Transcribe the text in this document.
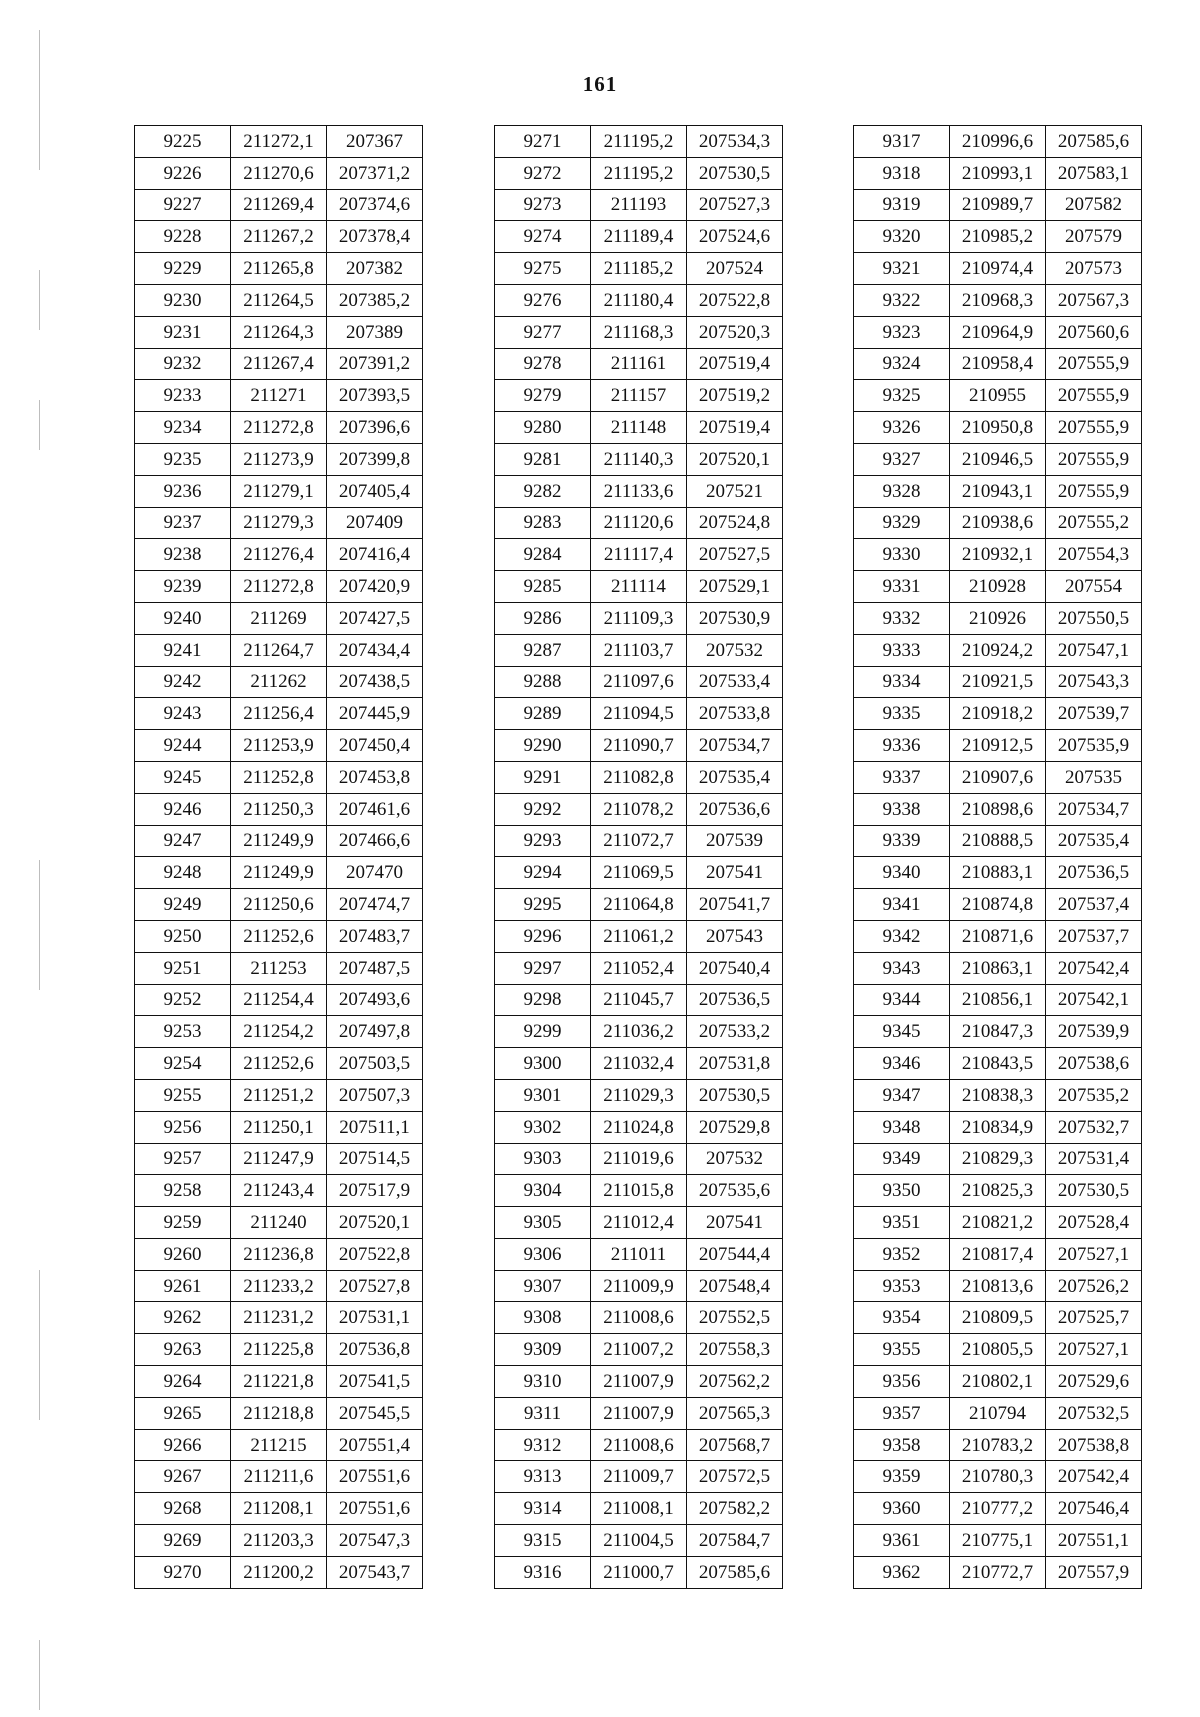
161
9225	211272,1	207367
9226	211270,6	207371,2
9227	211269,4	207374,6
9228	211267,2	207378,4
9229	211265,8	207382
9230	211264,5	207385,2
9231	211264,3	207389
9232	211267,4	207391,2
9233	211271	207393,5
9234	211272,8	207396,6
9235	211273,9	207399,8
9236	211279,1	207405,4
9237	211279,3	207409
9238	211276,4	207416,4
9239	211272,8	207420,9
9240	211269	207427,5
9241	211264,7	207434,4
9242	211262	207438,5
9243	211256,4	207445,9
9244	211253,9	207450,4
9245	211252,8	207453,8
9246	211250,3	207461,6
9247	211249,9	207466,6
9248	211249,9	207470
9249	211250,6	207474,7
9250	211252,6	207483,7
9251	211253	207487,5
9252	211254,4	207493,6
9253	211254,2	207497,8
9254	211252,6	207503,5
9255	211251,2	207507,3
9256	211250,1	207511,1
9257	211247,9	207514,5
9258	211243,4	207517,9
9259	211240	207520,1
9260	211236,8	207522,8
9261	211233,2	207527,8
9262	211231,2	207531,1
9263	211225,8	207536,8
9264	211221,8	207541,5
9265	211218,8	207545,5
9266	211215	207551,4
9267	211211,6	207551,6
9268	211208,1	207551,6
9269	211203,3	207547,3
9270	211200,2	207543,7
9271	211195,2	207534,3
9272	211195,2	207530,5
9273	211193	207527,3
9274	211189,4	207524,6
9275	211185,2	207524
9276	211180,4	207522,8
9277	211168,3	207520,3
9278	211161	207519,4
9279	211157	207519,2
9280	211148	207519,4
9281	211140,3	207520,1
9282	211133,6	207521
9283	211120,6	207524,8
9284	211117,4	207527,5
9285	211114	207529,1
9286	211109,3	207530,9
9287	211103,7	207532
9288	211097,6	207533,4
9289	211094,5	207533,8
9290	211090,7	207534,7
9291	211082,8	207535,4
9292	211078,2	207536,6
9293	211072,7	207539
9294	211069,5	207541
9295	211064,8	207541,7
9296	211061,2	207543
9297	211052,4	207540,4
9298	211045,7	207536,5
9299	211036,2	207533,2
9300	211032,4	207531,8
9301	211029,3	207530,5
9302	211024,8	207529,8
9303	211019,6	207532
9304	211015,8	207535,6
9305	211012,4	207541
9306	211011	207544,4
9307	211009,9	207548,4
9308	211008,6	207552,5
9309	211007,2	207558,3
9310	211007,9	207562,2
9311	211007,9	207565,3
9312	211008,6	207568,7
9313	211009,7	207572,5
9314	211008,1	207582,2
9315	211004,5	207584,7
9316	211000,7	207585,6
9317	210996,6	207585,6
9318	210993,1	207583,1
9319	210989,7	207582
9320	210985,2	207579
9321	210974,4	207573
9322	210968,3	207567,3
9323	210964,9	207560,6
9324	210958,4	207555,9
9325	210955	207555,9
9326	210950,8	207555,9
9327	210946,5	207555,9
9328	210943,1	207555,9
9329	210938,6	207555,2
9330	210932,1	207554,3
9331	210928	207554
9332	210926	207550,5
9333	210924,2	207547,1
9334	210921,5	207543,3
9335	210918,2	207539,7
9336	210912,5	207535,9
9337	210907,6	207535
9338	210898,6	207534,7
9339	210888,5	207535,4
9340	210883,1	207536,5
9341	210874,8	207537,4
9342	210871,6	207537,7
9343	210863,1	207542,4
9344	210856,1	207542,1
9345	210847,3	207539,9
9346	210843,5	207538,6
9347	210838,3	207535,2
9348	210834,9	207532,7
9349	210829,3	207531,4
9350	210825,3	207530,5
9351	210821,2	207528,4
9352	210817,4	207527,1
9353	210813,6	207526,2
9354	210809,5	207525,7
9355	210805,5	207527,1
9356	210802,1	207529,6
9357	210794	207532,5
9358	210783,2	207538,8
9359	210780,3	207542,4
9360	210777,2	207546,4
9361	210775,1	207551,1
9362	210772,7	207557,9
